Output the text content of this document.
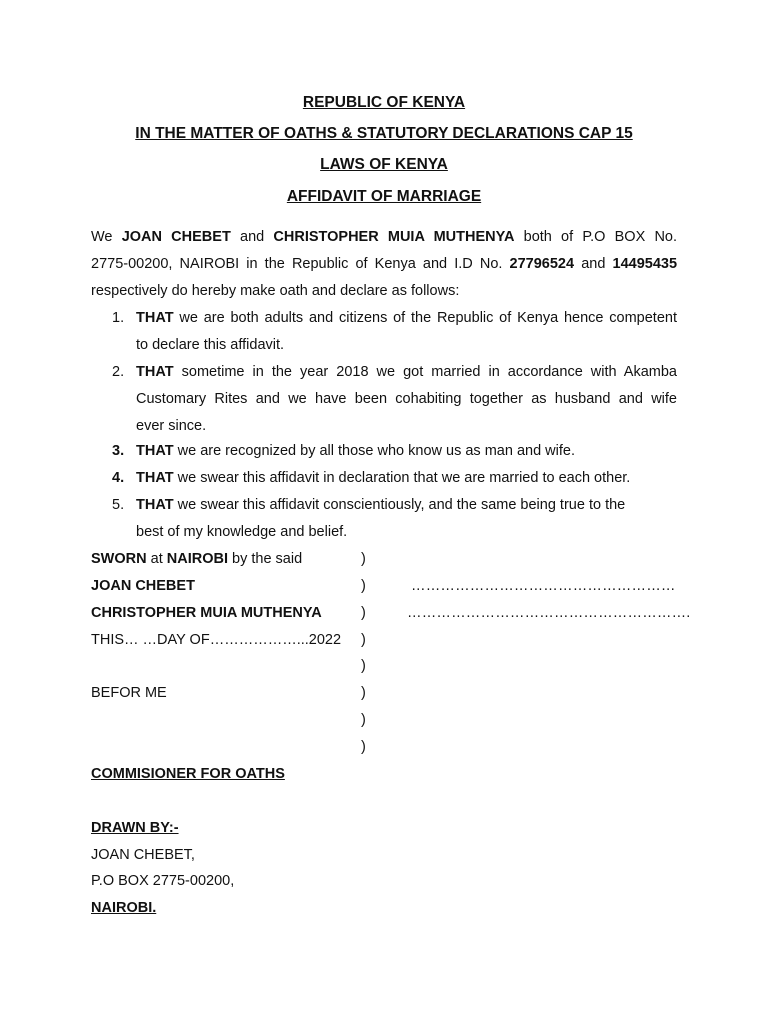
REPUBLIC OF KENYA
IN THE MATTER OF OATHS & STATUTORY DECLARATIONS CAP 15
LAWS OF KENYA
AFFIDAVIT OF MARRIAGE
We JOAN CHEBET and CHRISTOPHER MUIA MUTHENYA both of P.O BOX No.
2775-00200, NAIROBI in the Republic of Kenya and I.D No. 27796524 and 14495435
respectively do hereby make oath and declare as follows:
1. THAT we are both adults and citizens of the Republic of Kenya hence competent
to declare this affidavit.
2. THAT sometime in the year 2018 we got married in accordance with Akamba
Customary Rites and we have been cohabiting together as husband and wife
ever since.
3. THAT we are recognized by all those who know us as man and wife.
4. THAT we swear this affidavit in declaration that we are married to each other.
5. THAT we swear this affidavit conscientiously, and the same being true to the
best of my knowledge and belief.
SWORN at NAIROBI by the said	)
JOAN CHEBET	)	………………………………………………
CHRISTOPHER MUIA MUTHENYA	)	………………………………………………….
THIS… …DAY OF………………...2022 )
)
BEFOR ME	)
)
)
COMMISIONER FOR OATHS
DRAWN BY:-
JOAN CHEBET,
P.O BOX 2775-00200,
NAIROBI.
